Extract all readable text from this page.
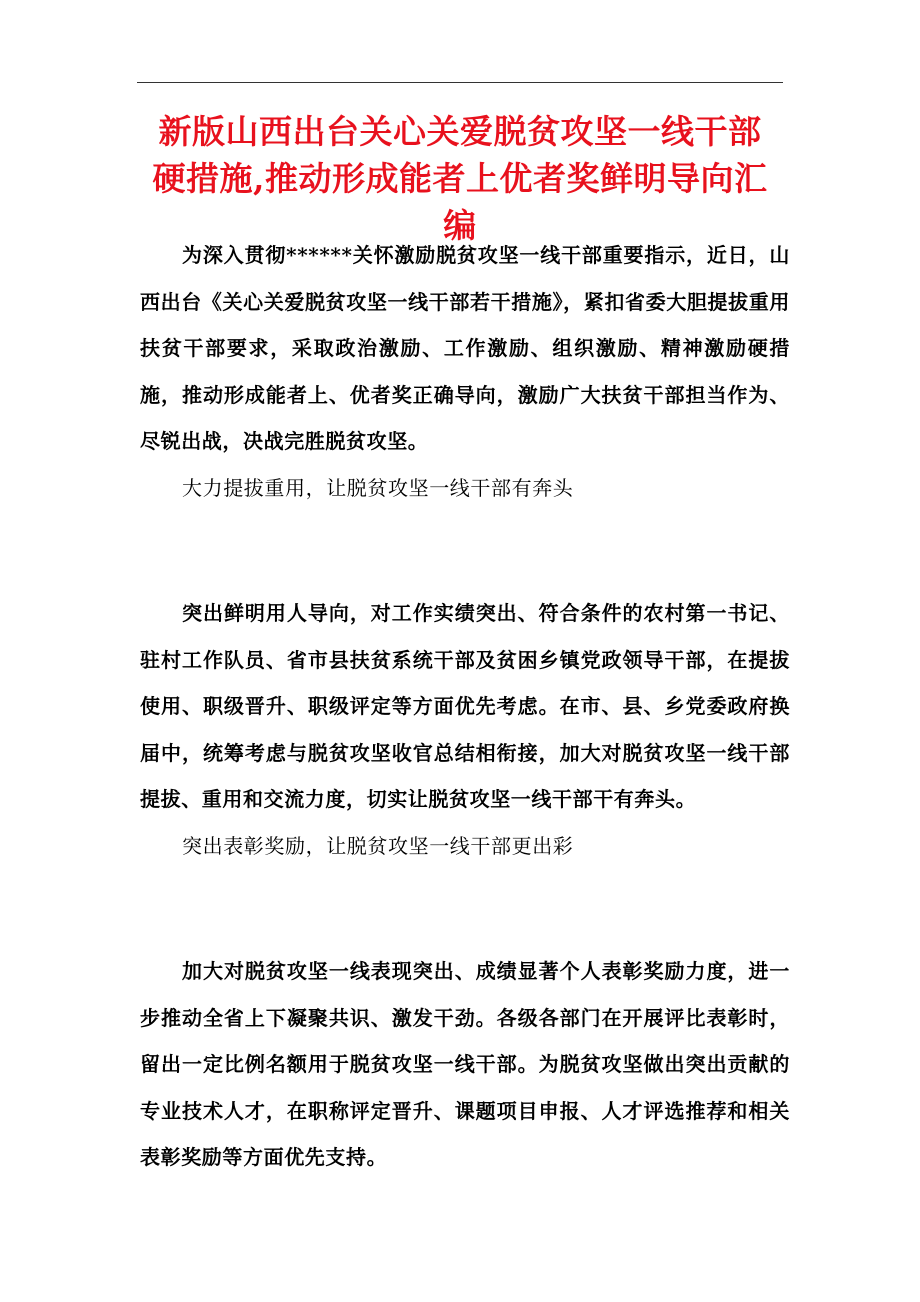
新版山西出台关心关爱脱贫攻坚一线干部
硬措施,推动形成能者上优者奖鲜明导向汇
编

为深入贯彻******关怀激励脱贫攻坚一线干部重要指示，近日，山西出台《关心关爱脱贫攻坚一线干部若干措施》，紧扣省委大胆提拔重用扶贫干部要求，采取政治激励、工作激励、组织激励、精神激励硬措施，推动形成能者上、优者奖正确导向，激励广大扶贫干部担当作为、尽锐出战，决战完胜脱贫攻坚。

大力提拔重用，让脱贫攻坚一线干部有奔头

突出鲜明用人导向，对工作实绩突出、符合条件的农村第一书记、驻村工作队员、省市县扶贫系统干部及贫困乡镇党政领导干部，在提拔使用、职级晋升、职级评定等方面优先考虑。在市、县、乡党委政府换届中，统筹考虑与脱贫攻坚收官总结相衔接，加大对脱贫攻坚一线干部提拔、重用和交流力度，切实让脱贫攻坚一线干部干有奔头。

突出表彰奖励，让脱贫攻坚一线干部更出彩

加大对脱贫攻坚一线表现突出、成绩显著个人表彰奖励力度，进一步推动全省上下凝聚共识、激发干劲。各级各部门在开展评比表彰时，留出一定比例名额用于脱贫攻坚一线干部。为脱贫攻坚做出突出贡献的专业技术人才，在职称评定晋升、课题项目申报、人才评选推荐和相关表彰奖励等方面优先支持。
